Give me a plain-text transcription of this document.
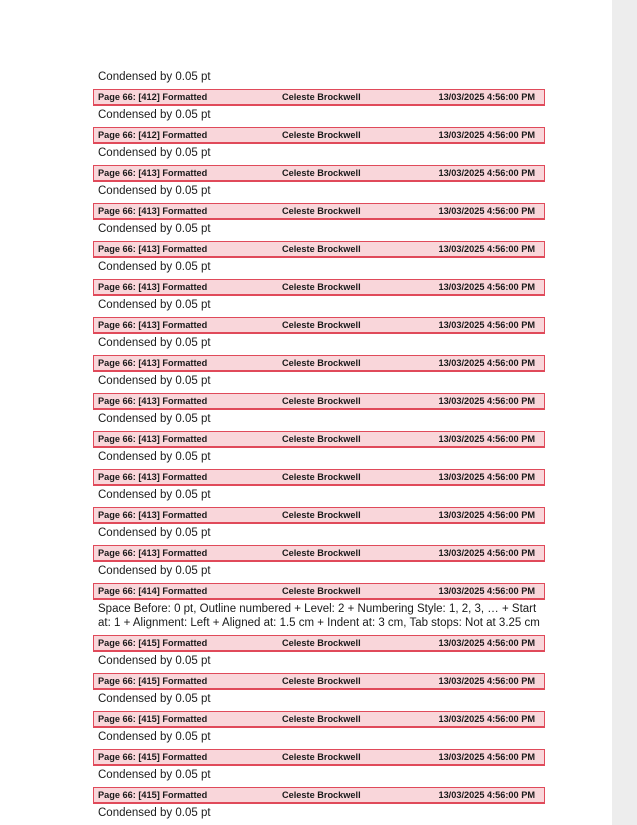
Condensed by 0.05 pt
Page 66: [412] Formatted	Celeste Brockwell	13/03/2025 4:56:00 PM
Condensed by 0.05 pt
Page 66: [412] Formatted	Celeste Brockwell	13/03/2025 4:56:00 PM
Condensed by 0.05 pt
Page 66: [413] Formatted	Celeste Brockwell	13/03/2025 4:56:00 PM
Condensed by 0.05 pt
Page 66: [413] Formatted	Celeste Brockwell	13/03/2025 4:56:00 PM
Condensed by 0.05 pt
Page 66: [413] Formatted	Celeste Brockwell	13/03/2025 4:56:00 PM
Condensed by 0.05 pt
Page 66: [413] Formatted	Celeste Brockwell	13/03/2025 4:56:00 PM
Condensed by 0.05 pt
Page 66: [413] Formatted	Celeste Brockwell	13/03/2025 4:56:00 PM
Condensed by 0.05 pt
Page 66: [413] Formatted	Celeste Brockwell	13/03/2025 4:56:00 PM
Condensed by 0.05 pt
Page 66: [413] Formatted	Celeste Brockwell	13/03/2025 4:56:00 PM
Condensed by 0.05 pt
Page 66: [413] Formatted	Celeste Brockwell	13/03/2025 4:56:00 PM
Condensed by 0.05 pt
Page 66: [413] Formatted	Celeste Brockwell	13/03/2025 4:56:00 PM
Condensed by 0.05 pt
Page 66: [413] Formatted	Celeste Brockwell	13/03/2025 4:56:00 PM
Condensed by 0.05 pt
Page 66: [413] Formatted	Celeste Brockwell	13/03/2025 4:56:00 PM
Condensed by 0.05 pt
Page 66: [414] Formatted	Celeste Brockwell	13/03/2025 4:56:00 PM
Space Before: 0 pt, Outline numbered + Level: 2 + Numbering Style: 1, 2, 3, … + Start at: 1 + Alignment: Left + Aligned at: 1.5 cm + Indent at: 3 cm, Tab stops: Not at 3.25 cm
Page 66: [415] Formatted	Celeste Brockwell	13/03/2025 4:56:00 PM
Condensed by 0.05 pt
Page 66: [415] Formatted	Celeste Brockwell	13/03/2025 4:56:00 PM
Condensed by 0.05 pt
Page 66: [415] Formatted	Celeste Brockwell	13/03/2025 4:56:00 PM
Condensed by 0.05 pt
Page 66: [415] Formatted	Celeste Brockwell	13/03/2025 4:56:00 PM
Condensed by 0.05 pt
Page 66: [415] Formatted	Celeste Brockwell	13/03/2025 4:56:00 PM
Condensed by 0.05 pt
